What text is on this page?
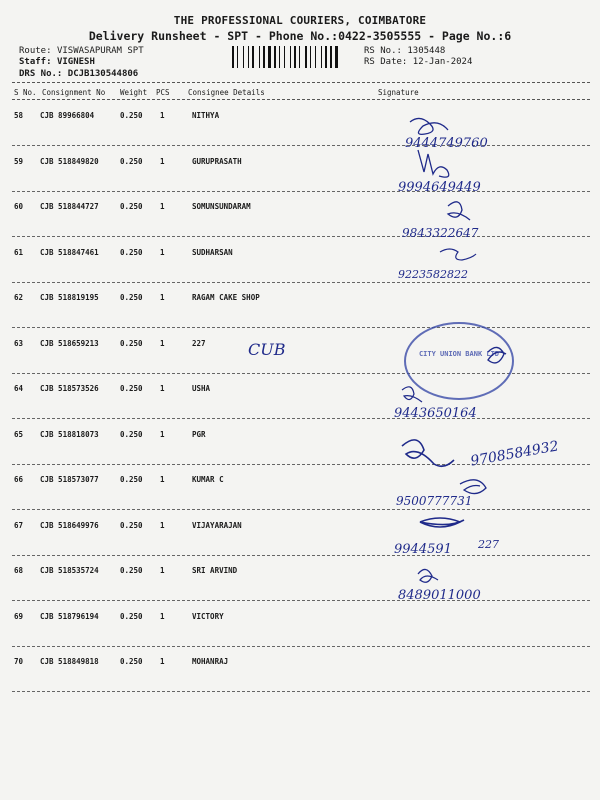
THE PROFESSIONAL COURIERS, COIMBATORE
Delivery Runsheet - SPT - Phone No.:0422-3505555 - Page No.:6
Route: VISWASAPURAM SPT
Staff: VIGNESH
DRS No.: DCJB130544806
RS No.: 1305448
RS Date: 12-Jan-2024
S No. Consignment No Weight PCS Consignee Details	Signature
58 CJB 89966804	0.250 1	NITHYA
59 CJB 518849820	0.250 1	GURUPRASATH
60 CJB 518844727	0.250 1	SOMUNSUNDARAM
61 CJB 518847461	0.250 1	SUDHARSAN
62 CJB 518819195	0.250 1	RAGAM CAKE SHOP
63 CJB 518659213	0.250 1	227
64 CJB 518573526	0.250 1	USHA
65 CJB 518818073	0.250 1	PGR
66 CJB 518573077	0.250 1	KUMAR C
67 CJB 518649976	0.250 1	VIJAYARAJAN
68 CJB 518535724	0.250 1	SRI ARVIND
69 CJB 518796194	0.250 1	VICTORY
70 CJB 518849818	0.250 1	MOHANRAJ
CITY UNION BANK LTD
9444749760
9994649449
9843322647
9223582822
CUB
9443650164
9708584932
9500777731
9944591 227
8489011000
